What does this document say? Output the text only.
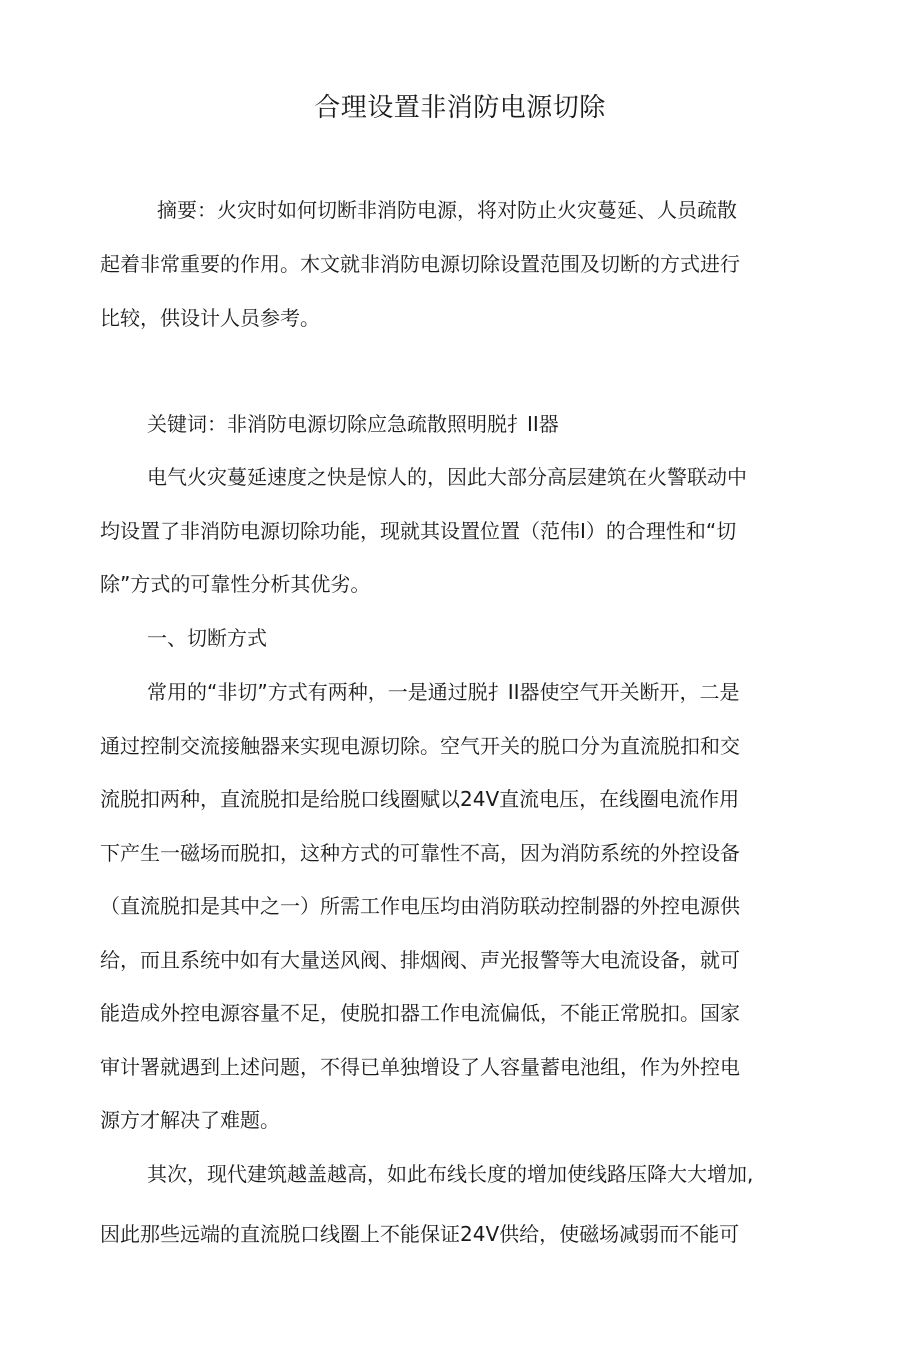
合理设置非消防电源切除
摘要：火灾时如何切断非消防电源，将对防止火灾蔓延、人员疏散
起着非常重要的作用。木文就非消防电源切除设置范围及切断的方式进行
比较，供设计人员参考。
关键词：非消防电源切除应急疏散照明脱扌II器
电气火灾蔓延速度之快是惊人的，因此大部分高层建筑在火警联动中
均设置了非消防电源切除功能，现就其设置位置（范伟I）的合理性和“切
除”方式的可靠性分析其优劣。
一、切断方式
常用的“非切”方式有两种，一是通过脱扌II器使空气开关断开，二是
通过控制交流接触器来实现电源切除。空气开关的脱口分为直流脱扣和交
流脱扣两种，直流脱扣是给脱口线圈赋以24V直流电压，在线圈电流作用
下产生一磁场而脱扣，这种方式的可靠性不高，因为消防系统的外控设备
（直流脱扣是其中之一）所需工作电压均由消防联动控制器的外控电源供
给，而且系统中如有大量送风阀、排烟阀、声光报警等大电流设备，就可
能造成外控电源容量不足，使脱扣器工作电流偏低，不能正常脱扣。国家
审计署就遇到上述问题，不得已单独增设了人容量蓄电池组，作为外控电
源方才解决了难题。
其次，现代建筑越盖越高，如此布线长度的增加使线路压降大大增加,
因此那些远端的直流脱口线圈上不能保证24V供给，使磁场减弱而不能可
